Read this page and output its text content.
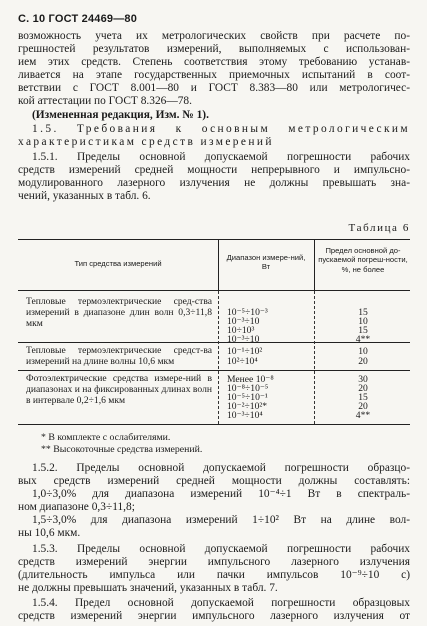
С. 10 ГОСТ 24469—80
возможность учета их метрологических свойств при расчете по-
грешностей результатов измерений, выполняемых с использован-
ием этих средств. Степень соответствия этому требованию устанав-
ливается на этапе государственных приемочных испытаний в соот-
ветствии с ГОСТ 8.001—80 и ГОСТ 8.383—80 или метрологичес-
кой аттестации по ГОСТ 8.326—78.
(Измененная редакция, Изм. № 1).
1.5. Требования к основным метрологическим
характеристикам средств измерений
1.5.1. Пределы основной допускаемой погрешности рабочих
средств измерений средней мощности непрерывного и импульсно-
модулированного лазерного излучения не должны превышать зна-
чений, указанных в табл. 6.
Таблица 6
Тип средства измерений
Диапазон измере-ний, Вт
Предел основной до-пускаемой погреш-ности, %, не более
Тепловые термоэлектрические сред-ства измерений в диапазоне длин волн 0,3÷11,8 мкм
10⁻⁵÷10⁻³
10⁻³÷10
10÷10³
10⁻³÷10
15
10
15
4**
Тепловые термоэлектрические средст-ва измерений на длине волны 10,6 мкм
10⁻¹÷10²
10²÷10⁴
10
20
Фотоэлектрические средства измере-ний в диапазонах и на фиксированных длинах волн в интервале 0,2÷1,6 мкм
Менее 10⁻⁸
10⁻⁸÷10⁻⁵
10⁻⁵÷10⁻¹
10⁻²÷10²*
10⁻³÷10⁴
30
20
15
20
4**
* В комплекте с ослабителями.
** Высокоточные средства измерений.
1.5.2. Пределы основной допускаемой погрешности образцо-
вых средств измерений средней мощности должны составлять:
1,0÷3,0% для диапазона измерений 10⁻⁴÷1 Вт в спектраль-
ном диапазоне 0,3÷11,8;
1,5÷3,0% для диапазона измерений 1÷10² Вт на длине вол-
ны 10,6 мкм.
1.5.3. Пределы основной допускаемой погрешности рабочих
средств измерений энергии импульсного лазерного излучения
(длительность импульса или пачки импульсов 10⁻⁹÷10 с)
не должны превышать значений, указанных в табл. 7.
1.5.4. Предел основной допускаемой погрешности образцовых
средств измерений энергии импульсного лазерного излучения от
